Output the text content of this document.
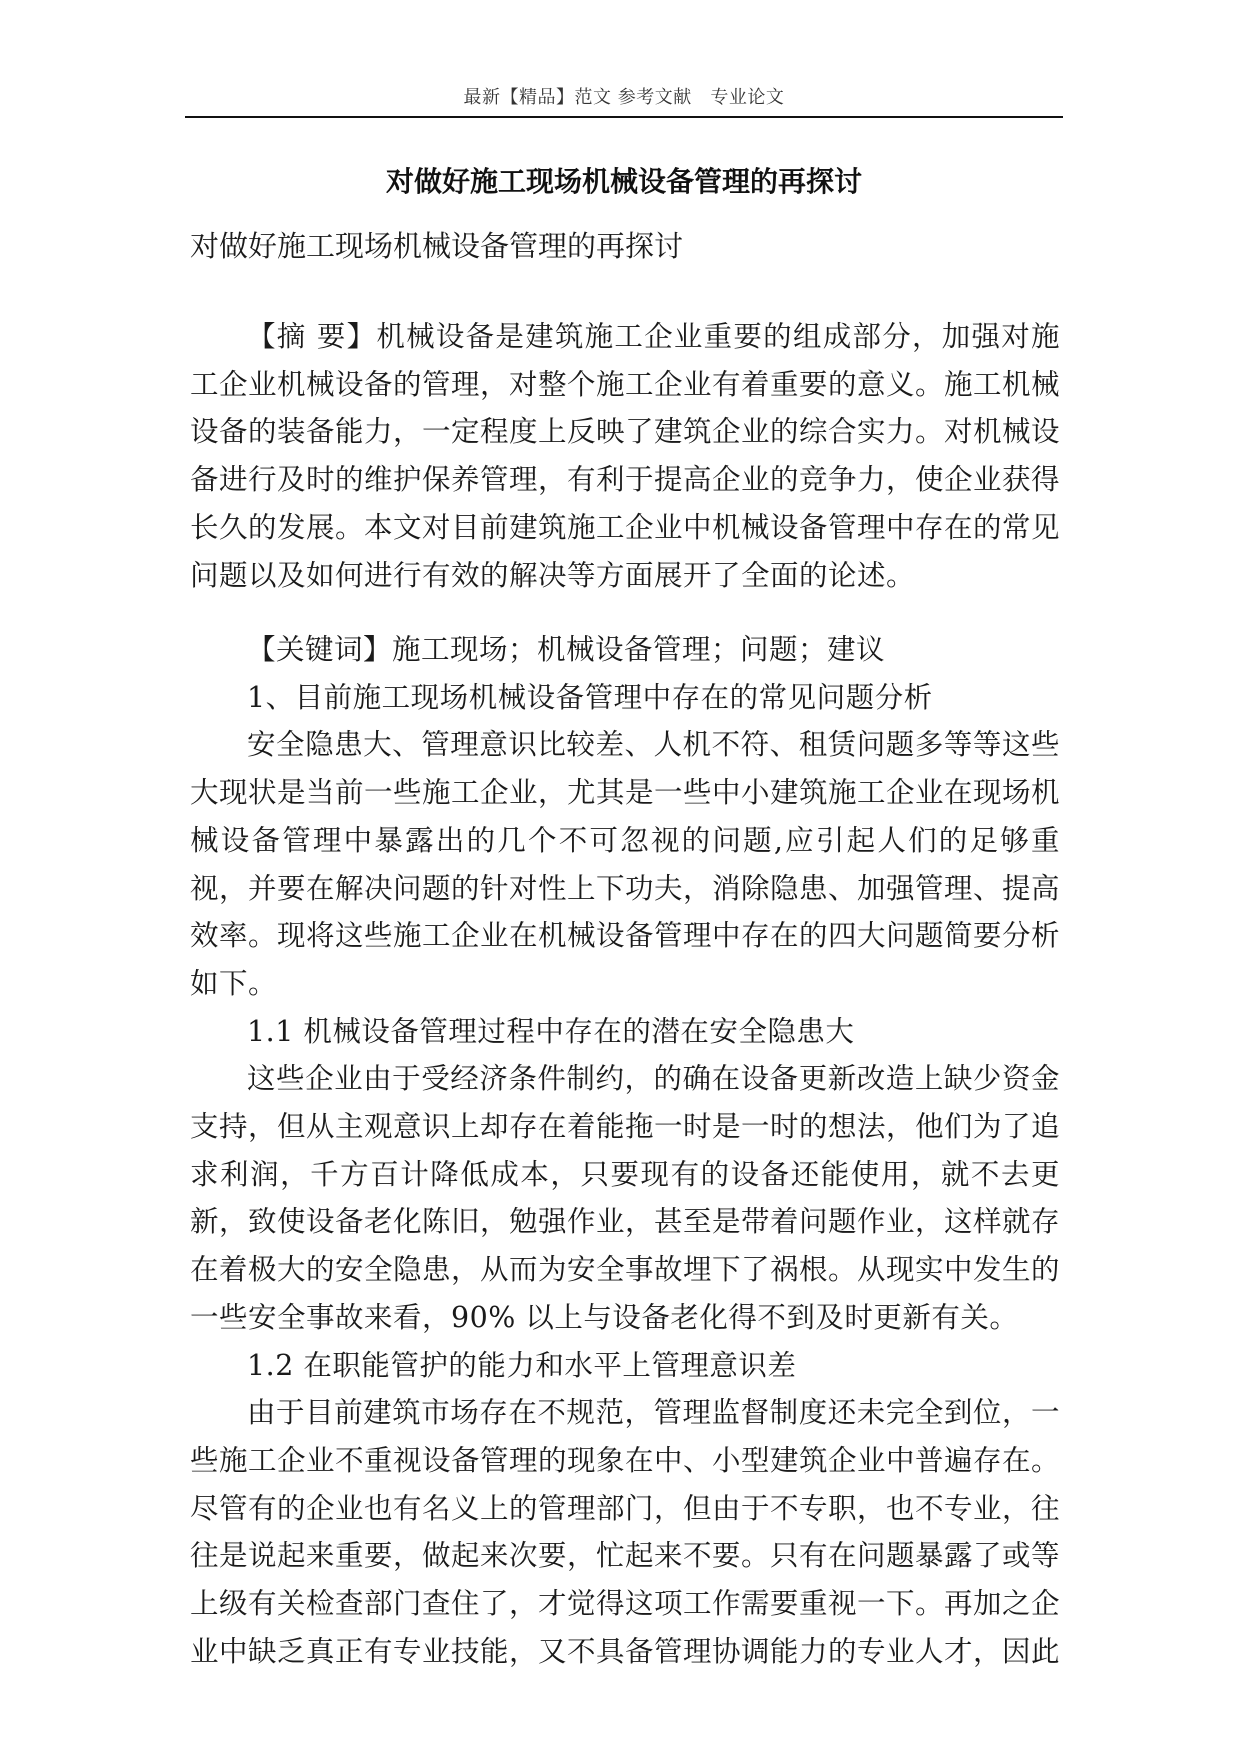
最新【精品】范文 参考文献   专业论文
对做好施工现场机械设备管理的再探讨
对做好施工现场机械设备管理的再探讨

【摘 要】机械设备是建筑施工企业重要的组成部分，加强对施工企业机械设备的管理，对整个施工企业有着重要的意义。施工机械设备的装备能力，一定程度上反映了建筑企业的综合实力。对机械设备进行及时的维护保养管理，有利于提高企业的竞争力，使企业获得长久的发展。本文对目前建筑施工企业中机械设备管理中存在的常见问题以及如何进行有效的解决等方面展开了全面的论述。

【关键词】施工现场；机械设备管理；问题；建议

1、目前施工现场机械设备管理中存在的常见问题分析

安全隐患大、管理意识比较差、人机不符、租赁问题多等等这些大现状是当前一些施工企业，尤其是一些中小建筑施工企业在现场机械设备管理中暴露出的几个不可忽视的问题,应引起人们的足够重视，并要在解决问题的针对性上下功夫，消除隐患、加强管理、提高效率。现将这些施工企业在机械设备管理中存在的四大问题简要分析如下。

1.1 机械设备管理过程中存在的潜在安全隐患大

这些企业由于受经济条件制约，的确在设备更新改造上缺少资金支持，但从主观意识上却存在着能拖一时是一时的想法，他们为了追求利润，千方百计降低成本，只要现有的设备还能使用，就不去更新，致使设备老化陈旧，勉强作业，甚至是带着问题作业，这样就存在着极大的安全隐患，从而为安全事故埋下了祸根。从现实中发生的一些安全事故来看，90% 以上与设备老化得不到及时更新有关。

1.2 在职能管护的能力和水平上管理意识差

由于目前建筑市场存在不规范，管理监督制度还未完全到位，一些施工企业不重视设备管理的现象在中、小型建筑企业中普遍存在。尽管有的企业也有名义上的管理部门，但由于不专职，也不专业，往往是说起来重要，做起来次要，忙起来不要。只有在问题暴露了或等上级有关检查部门查住了，才觉得这项工作需要重视一下。再加之企业中缺乏真正有专业技能，又不具备管理协调能力的专业人才，因此
